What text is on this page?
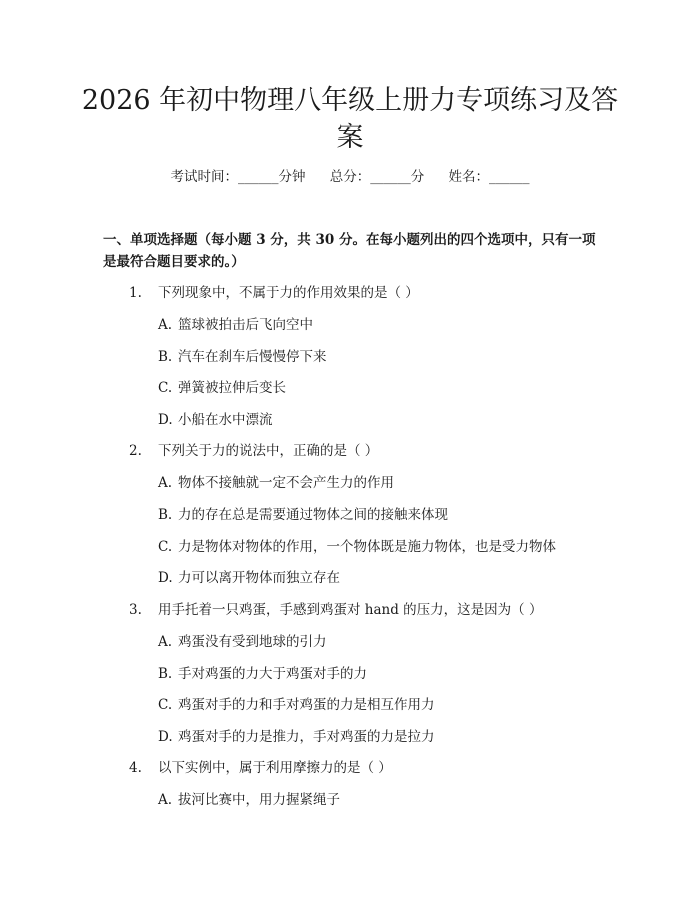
2026 年初中物理八年级上册力专项练习及答案
考试时间：______分钟 总分：______分 姓名：______

一、单项选择题（每小题 3 分，共 30 分。在每小题列出的四个选项中，只有一项是最符合题目要求的。）

1. 下列现象中，不属于力的作用效果的是（ ）
A. 篮球被拍击后飞向空中
B. 汽车在刹车后慢慢停下来
C. 弹簧被拉伸后变长
D. 小船在水中漂流
2. 下列关于力的说法中，正确的是（ ）
A. 物体不接触就一定不会产生力的作用
B. 力的存在总是需要通过物体之间的接触来体现
C. 力是物体对物体的作用，一个物体既是施力物体，也是受力物体
D. 力可以离开物体而独立存在
3. 用手托着一只鸡蛋，手感到鸡蛋对 hand 的压力，这是因为（ ）
A. 鸡蛋没有受到地球的引力
B. 手对鸡蛋的力大于鸡蛋对手的力
C. 鸡蛋对手的力和手对鸡蛋的力是相互作用力
D. 鸡蛋对手的力是推力，手对鸡蛋的力是拉力
4. 以下实例中，属于利用摩擦力的是（ ）
A. 拔河比赛中，用力握紧绳子
